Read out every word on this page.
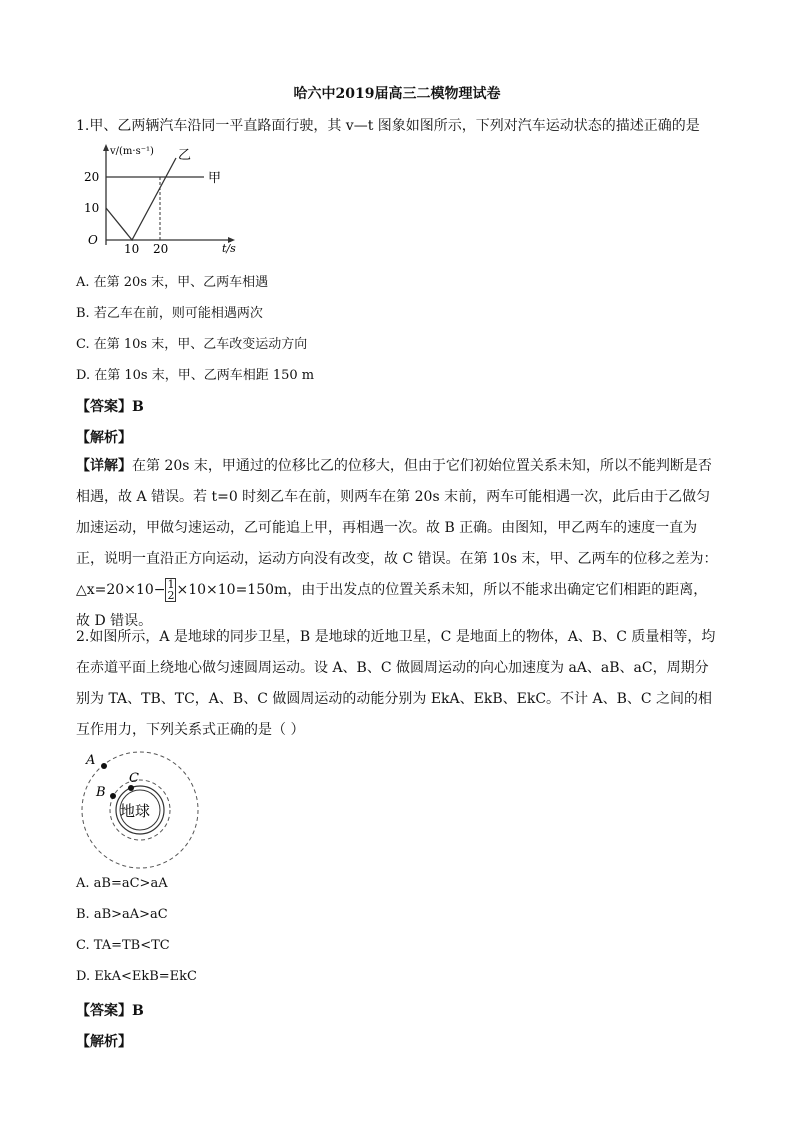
哈六中2019届高三二模物理试卷
1.甲、乙两辆汽车沿同一平直路面行驶，其 v—t 图象如图所示，下列对汽车运动状态的描述正确的是
v/(m·s⁻¹)
t/s
O
20
10
10 20
甲
乙
A. 在第 20s 末，甲、乙两车相遇
B. 若乙车在前，则可能相遇两次
C. 在第 10s 末，甲、乙车改变运动方向
D. 在第 10s 末，甲、乙两车相距 150 m
【答案】B
【解析】
【详解】在第 20s 末，甲通过的位移比乙的位移大，但由于它们初始位置关系未知，所以不能判断是否相遇，故 A 错误。若 t=0 时刻乙车在前，则两车在第 20s 末前，两车可能相遇一次，此后由于乙做匀加速运动，甲做匀速运动，乙可能追上甲，再相遇一次。故 B 正确。由图知，甲乙两车的速度一直为正，说明一直沿正方向运动，运动方向没有改变，故 C 错误。在第 10s 末，甲、乙两车的位移之差为：△x=20×10− 1
2 ×10×10=150m，由于出发点的位置关系未知，所以不能求出确定它们相距的距离，故 D 错误。
2.如图所示，A 是地球的同步卫星，B 是地球的近地卫星，C 是地面上的物体，A、B、C 质量相等，均在赤道平面上绕地心做匀速圆周运动。设 A、B、C 做圆周运动的向心加速度为 aA、aB、aC，周期分别为 TA、TB、TC，A、B、C 做圆周运动的动能分别为 EkA、EkB、EkC。不计 A、B、C 之间的相互作用力，下列关系式正确的是（ ）
A
B
C
地球
A. aB=aC>aA
B. aB>aA>aC
C. TA=TB<TC
D. EkA<EkB=EkC
【答案】B
【解析】
